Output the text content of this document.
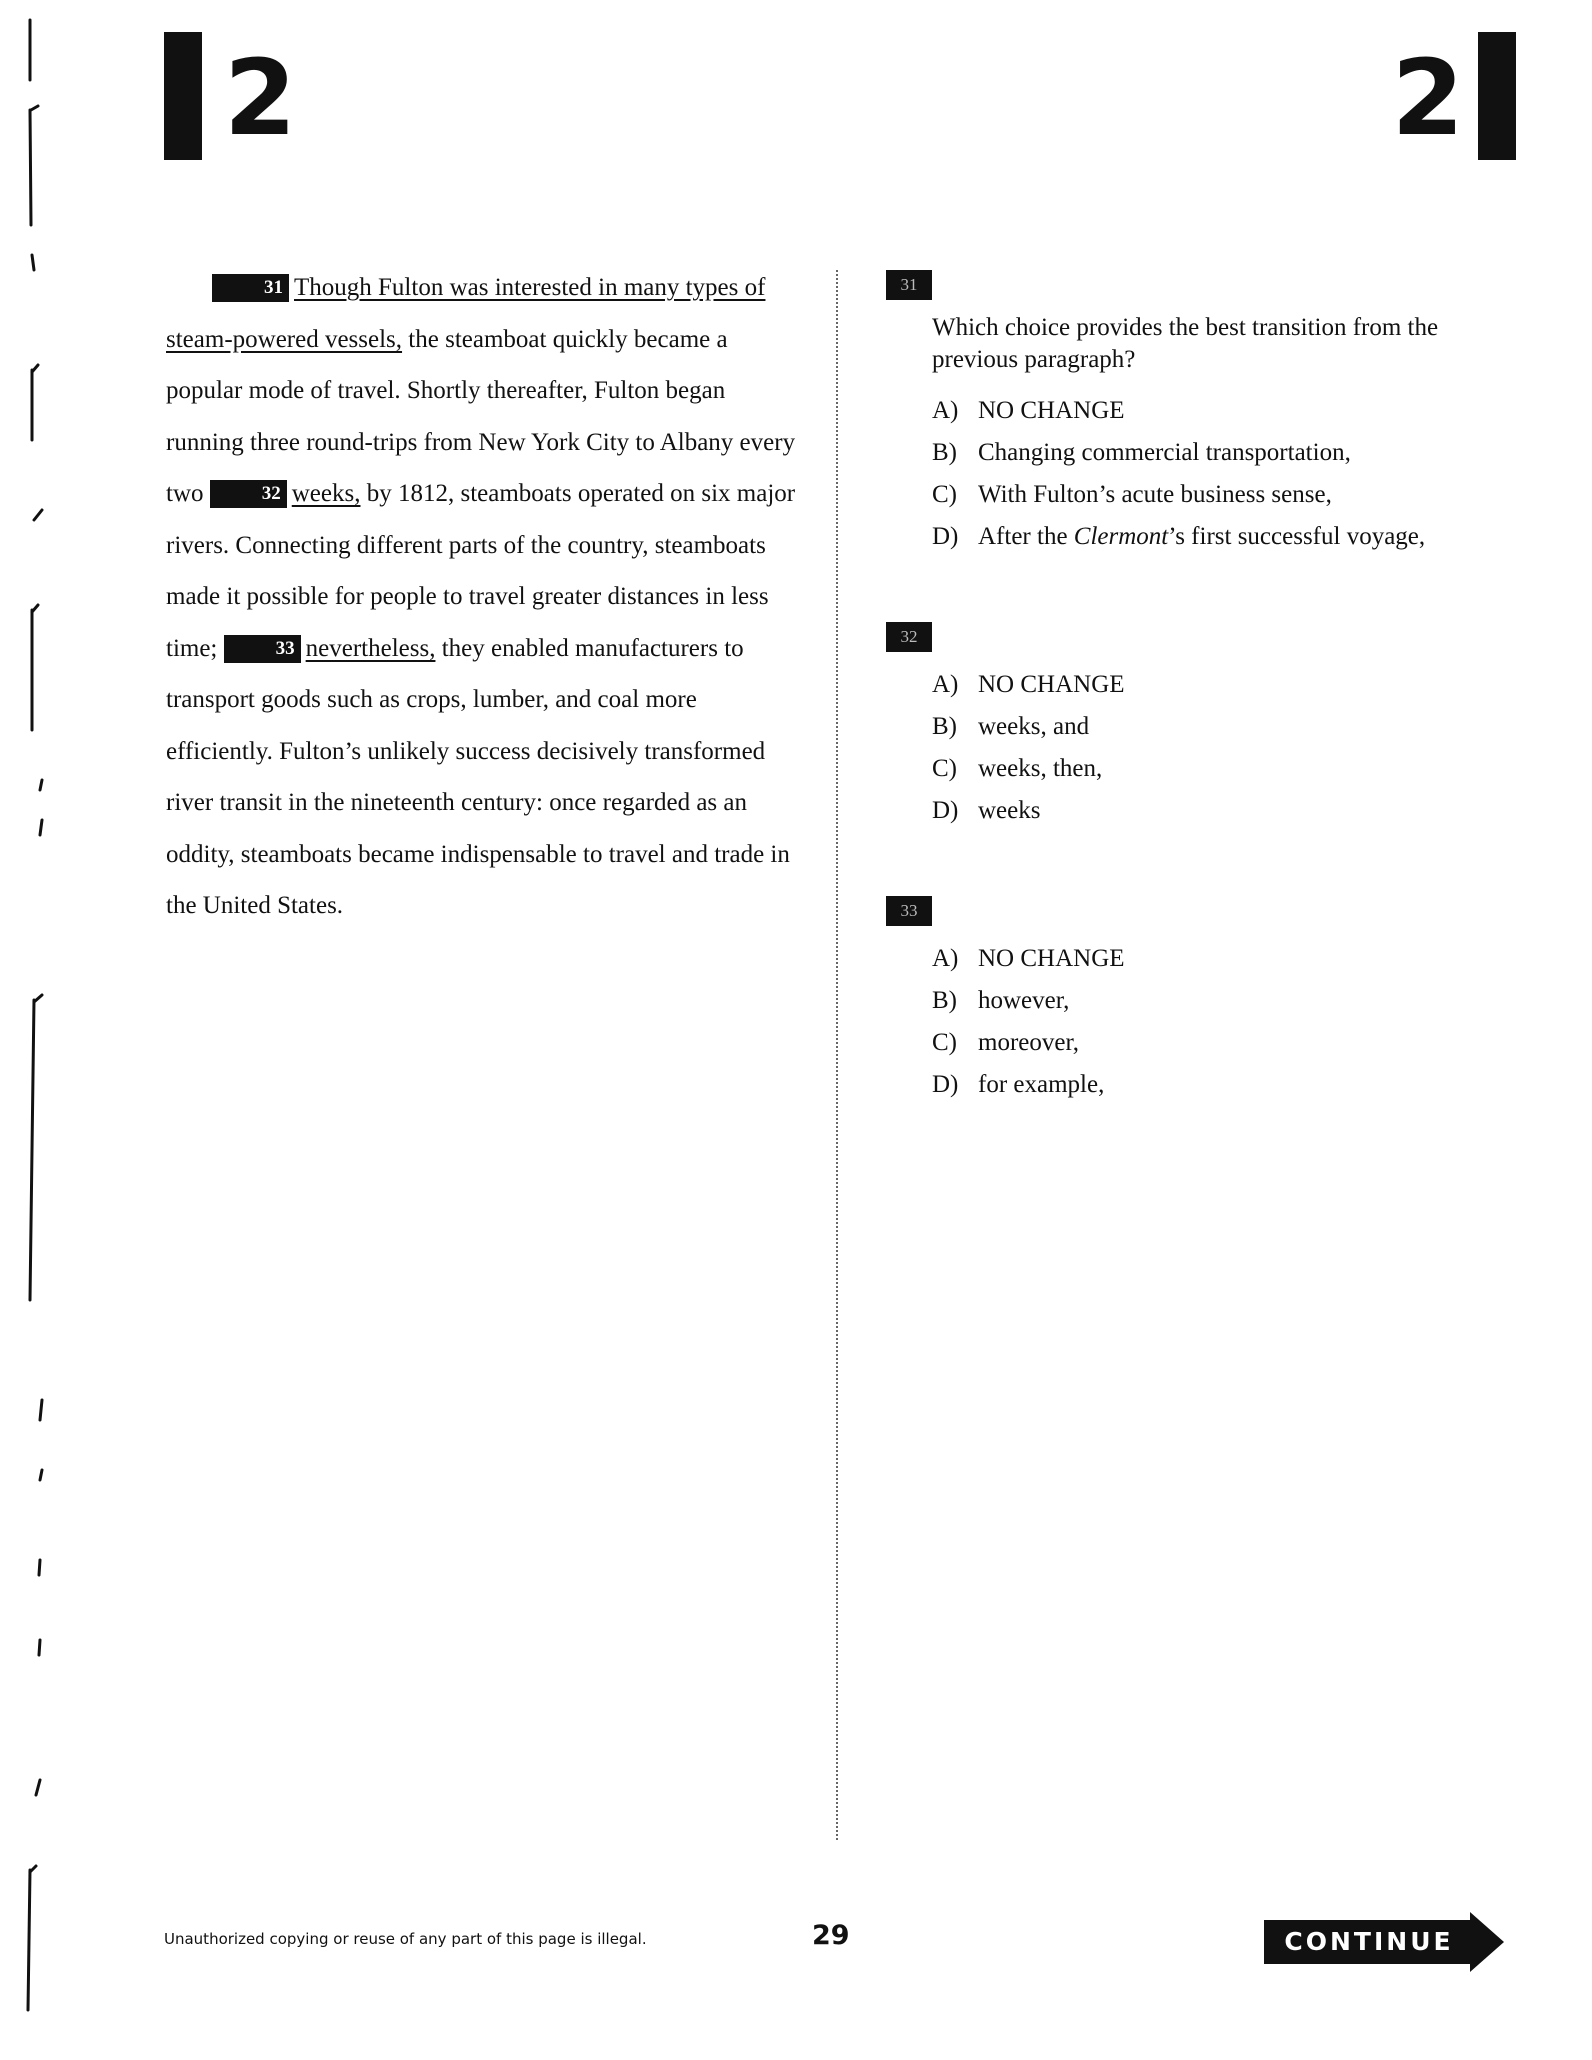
2	2

31 Though Fulton was interested in many types of steam-powered vessels, the steamboat quickly became a popular mode of travel. Shortly thereafter, Fulton began running three round-trips from New York City to Albany every two	32 weeks, by 1812, steamboats operated on six major rivers. Connecting different parts of the country, steamboats made it possible for people to travel greater distances in less time;	33 nevertheless, they enabled manufacturers to transport goods such as crops, lumber, and coal more efficiently. Fulton’s unlikely success decisively transformed river transit in the nineteenth century: once regarded as an oddity, steamboats became indispensable to travel and trade in the United States.

31

Which choice provides the best transition from the previous paragraph?

A) NO CHANGE
B) Changing commercial transportation,
C) With Fulton’s acute business sense,
D) After the Clermont’s first successful voyage,
32
A) NO CHANGE
B) weeks, and
C) weeks, then,
D) weeks
33
A) NO CHANGE
B) however,
C) moreover,
D) for example,
Unauthorized copying or reuse of any part of this page is illegal.	29	CONTINUE
